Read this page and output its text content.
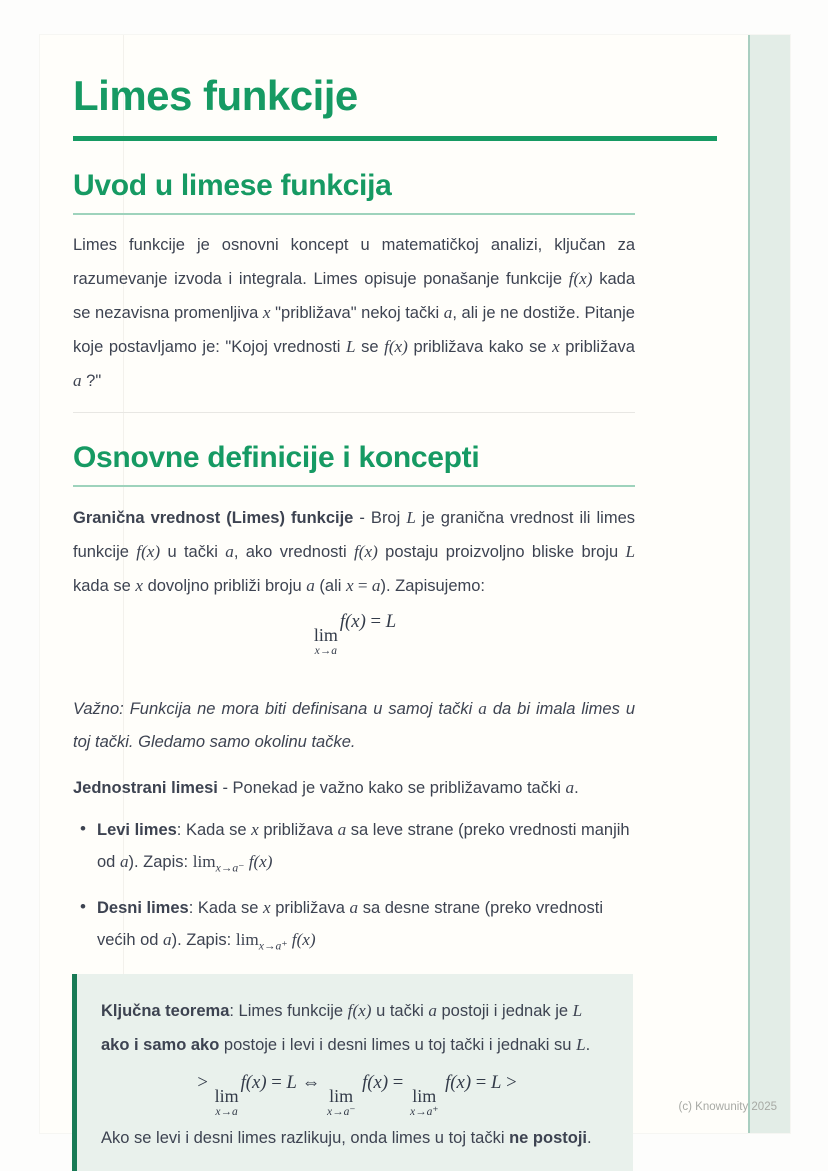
Limes funkcije
Uvod u limese funkcija

Limes funkcije je osnovni koncept u matematičkoj analizi, ključan za razumevanje izvoda i integrala. Limes opisuje ponašanje funkcije f(x) kada se nezavisna promenljiva x "približava" nekoj tački a, ali je ne dostiže. Pitanje koje postavljamo je: "Kojoj vrednosti L se f(x) približava kako se x približava a ?"

Osnovne definicije i koncepti

Granična vrednost (Limes) funkcije - Broj L je granična vrednost ili limes funkcije f(x) u tački a, ako vrednosti f(x) postaju proizvoljno bliske broju L kada se x dovoljno približi broju a (ali x = a). Zapisujemo:

lim
x→a
f(x) = L

Važno: Funkcija ne mora biti definisana u samoj tački a da bi imala limes u toj tački. Gledamo samo okolinu tačke.

Jednostrani limesi - Ponekad je važno kako se približavamo tački a.

• Levi limes: Kada se x približava a sa leve strane (preko vrednosti manjih od a). Zapis: $\lim_{x\to a^-} f(x)$
• Desni limes: Kada se x približava a sa desne strane (preko vrednosti većih od a). Zapis: $\lim_{x\to a^+} f(x)$

Ključna teorema: Limes funkcije f(x) u tački a postoji i jednak je L ako i samo ako postoje i levi i desni limes u toj tački i jednaki su L.

>
lim
x→a
f(x) = L ⇔
lim
x→a⁻
f(x) =
lim
x→a⁺
f(x) = L >

Ako se levi i desni limes razlikuju, onda limes u toj tački ne postoji.

(c) Knowunity 2025
